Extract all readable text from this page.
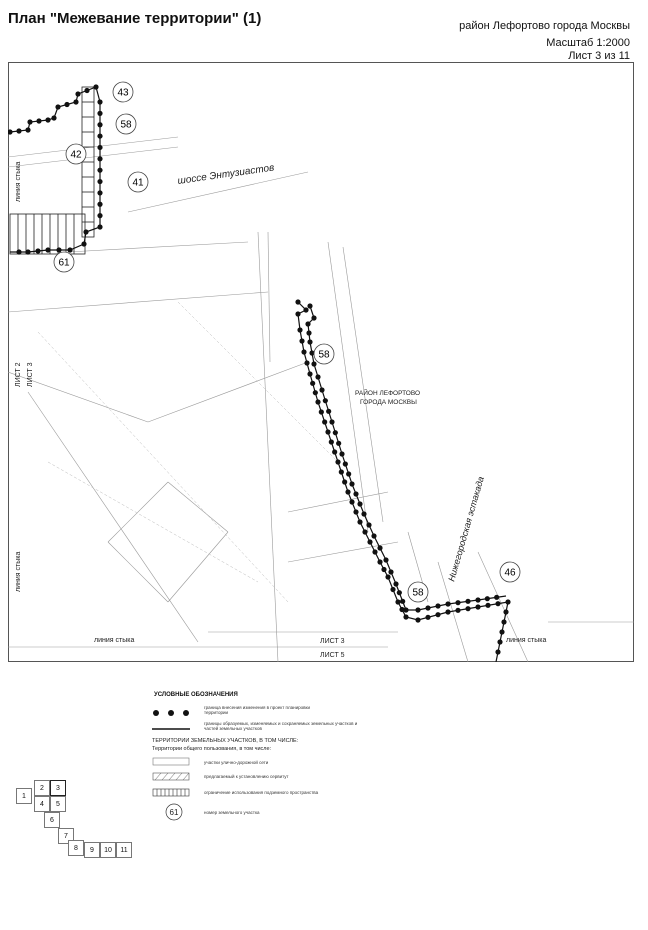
План "Межевание территории" (1)	район Лефортово города Москвы
Масштаб 1:2000
Лист 3 из 11
43
58
42
41
61
58
58
46
шоссе Энтузиастов
РАЙОН ЛЕФОРТОВО
ГОРОДА МОСКВЫ
Нижегородская эстакада
линия стыка
линия стыка
линия стыка	линия стыка
ЛИСТ 2 ЛИСТ 3
ЛИСТ 3
ЛИСТ 5
УСЛОВНЫЕ ОБОЗНАЧЕНИЯ
61
граница внесения изменения в проект планировки территории
границы образуемых, изменяемых и сохраняемых земельных участков и частей земельных участков
ТЕРРИТОРИИ ЗЕМЕЛЬНЫХ УЧАСТКОВ, В ТОМ ЧИСЛЕ:
Территории общего пользования, в том числе:
участки улично-дорожной сети
предлагаемый к установлению сервитут
ограничение использования подземного пространства
номер земельного участка
1
2	3
4	5
6
7
8	9	10	11
